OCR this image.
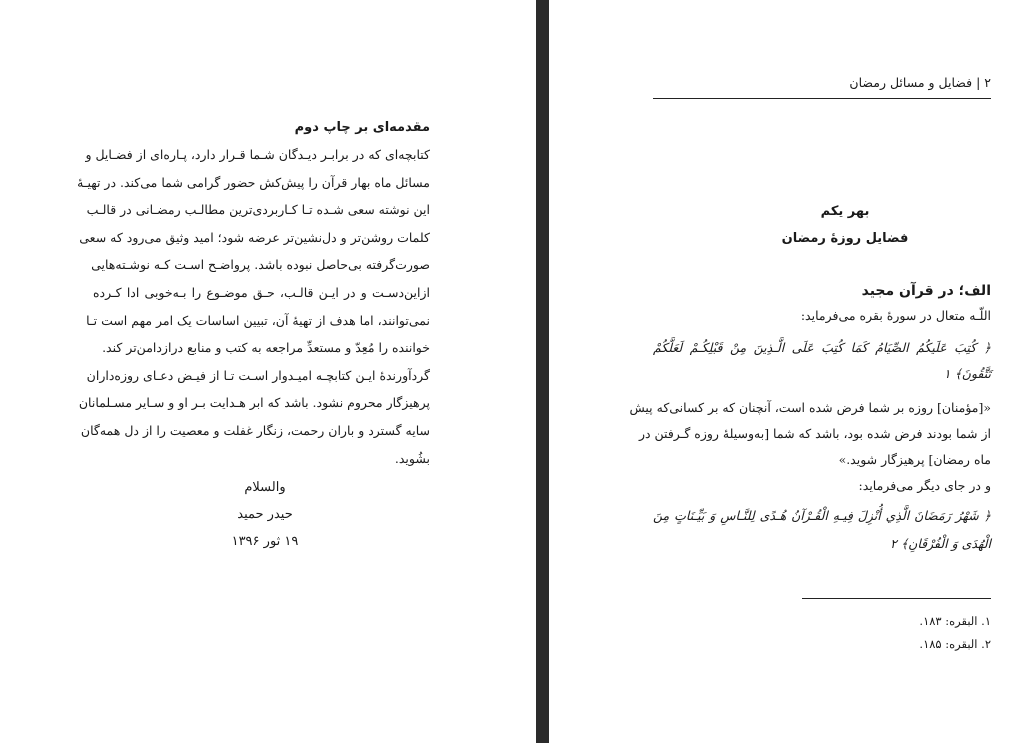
مقدمه‌ای بر چاپ دوم
کتابچه‌ای که در برابـر دیـدگان شـما قـرار دارد، پـاره‌ای از فضـایل و
مسائل ماه بهار قرآن را پیش‌کش حضور گرامی شما می‌کند. در تهیـهٔ
این نوشته سعی شـده تـا کـاربردی‌ترین مطالـب رمضـانی در قالـب
کلمات روشن‌تر و دل‌نشین‌تر عرضه شود؛ امید وثیق می‌رود که سعی
صورت‌گرفته بی‌حاصل نبوده باشد. پرواضـح اسـت کـه نوشـته‌هایی
ازاین‌دسـت و در ایـن قالـب، حـق موضـوع را بـه‌خوبی ادا کـرده
نمی‌توانند، اما هدف از تهیهٔ آن، تبیین اساسات یک امر مهم است تـا
خواننده را مُعِدّ و مستعدِّ مراجعه به کتب و منابع درازدامن‌تر کند.
گردآورندهٔ ایـن کتابچـه امیـدوار اسـت تـا از فیـض دعـای روزه‌داران
پرهیزگار محروم نشود. باشد که ابر هـدایت بـر او و سـایر مسـلمانان
سایه گسترد و باران رحمت، زنگار غفلت و معصیت را از دل همه‌گان
بشُوید.
والسلام
حیدر حمید
۱۹ ثور ۱۳۹۶
۲ | فضایل و مسائل رمضان
بهر یکم
فضایل روزهٔ رمضان
الف؛ در قرآن مجید

اللّـه متعال در سورهٔ بقره می‌فرماید:

﴿ كُتِبَ عَلَيكُمُ الصِّيَامُ كَمَا كُتِبَ عَلَى الَّـذِينَ مِنْ قَبْلِكُـمْ لَعَلَّكُمْ

تَتَّقُونَ﴾ ۱

«[مؤمنان] روزه بر شما فرض شده است، آنچنان که بر کسانی‌که پیش

از شما بودند فرض شده بود، باشد که شما [به‌وسیلهٔ روزه گـرفتن در

ماه رمضان] پرهیزگار شوید.»

و در جای دیگر می‌فرماید:

﴿ شَهْرُ رَمَضَانَ الَّذِي أُنْزِلَ فِيـهِ الْقُـرْآنُ هُـدًى لِلنَّـاسِ وَ بَيِّـنَاتٍ مِنَ

الْهُدَى وَ الْفُرْقَانِ﴾ ۲

۱. البقره: ۱۸۳.
۲. البقره: ۱۸۵.
